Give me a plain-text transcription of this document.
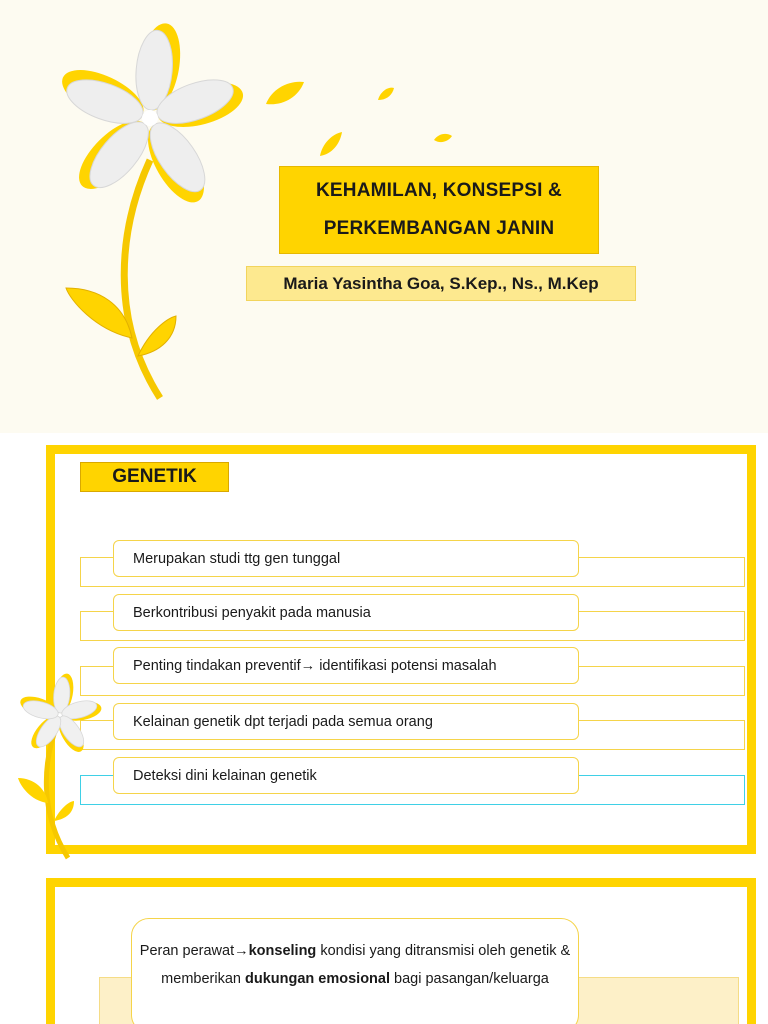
KEHAMILAN, KONSEPSI &
PERKEMBANGAN JANIN
Maria Yasintha Goa, S.Kep., Ns., M.Kep
GENETIK
Merupakan studi ttg gen tunggal
Berkontribusi penyakit pada manusia
Penting tindakan preventif→ identifikasi potensi masalah
Kelainan genetik dpt terjadi pada semua orang
Deteksi dini kelainan genetik
Peran perawat→konseling kondisi yang ditransmisi oleh genetik & memberikan dukungan emosional bagi pasangan/keluarga
